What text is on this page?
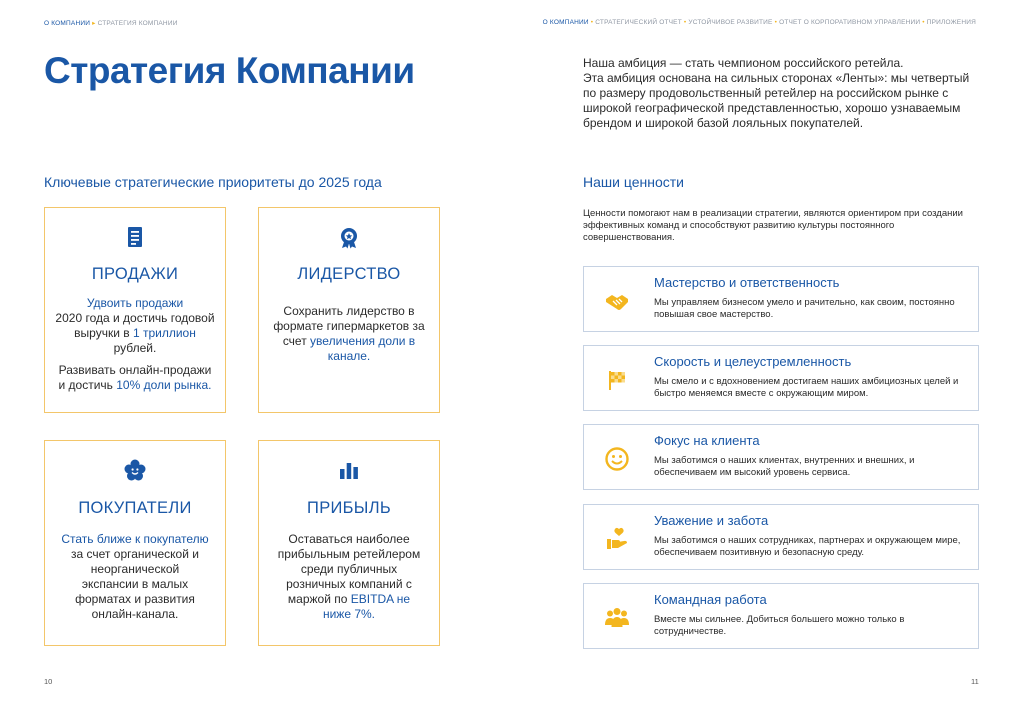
О КОМПАНИИ ▸ СТРАТЕГИЯ КОМПАНИИ	О КОМПАНИИ • СТРАТЕГИЧЕСКИЙ ОТЧЕТ • УСТОЙЧИВОЕ РАЗВИТИЕ • ОТЧЕТ О КОРПОРАТИВНОМ УПРАВЛЕНИИ • ПРИЛОЖЕНИЯ
Стратегия Компании	Наша амбиция — стать чемпионом российского ретейла.
Эта амбиция основана на сильных сторонах «Ленты»: мы четвертый по размеру продовольственный ретейлер на российском рынке с широкой географической представленностью, хорошо узнаваемым брендом и широкой базой лояльных покупателей.
Ключевые стратегические приоритеты до 2025 года	Наши ценности
Ценности помогают нам в реализации стратегии, являются ориентиром при создании эффективных команд и способствуют развитию культуры постоянного совершенствования.
ПРОДАЖИ

Удвоить продажи
2020 года и достичь годовой выручки в 1 триллион рублей.

Развивать онлайн-продажи и достичь 10% доли рынка.

ЛИДЕРСТВО

Сохранить лидерство в формате гипермаркетов за счет увеличения доли в канале.

ПОКУПАТЕЛИ

Стать ближе к покупателю
за счет органической и неорганической экспансии в малых форматах и развития онлайн-канала.

ПРИБЫЛЬ

Оставаться наиболее прибыльным ретейлером среди публичных розничных компаний с маржой по EBITDA не ниже 7%.

Мастерство и ответственность
Мы управляем бизнесом умело и рачительно, как своим, постоянно повышая свое мастерство.
Скорость и целеустремленность
Мы смело и с вдохновением достигаем наших амбициозных целей и быстро меняемся вместе с окружающим миром.
Фокус на клиента
Мы заботимся о наших клиентах, внутренних и внешних, и обеспечиваем им высокий уровень сервиса.
Уважение и забота
Мы заботимся о наших сотрудниках, партнерах и окружающем мире, обеспечиваем позитивную и безопасную среду.
Командная работа
Вместе мы сильнее. Добиться большего можно только в сотрудничестве.
10	11
